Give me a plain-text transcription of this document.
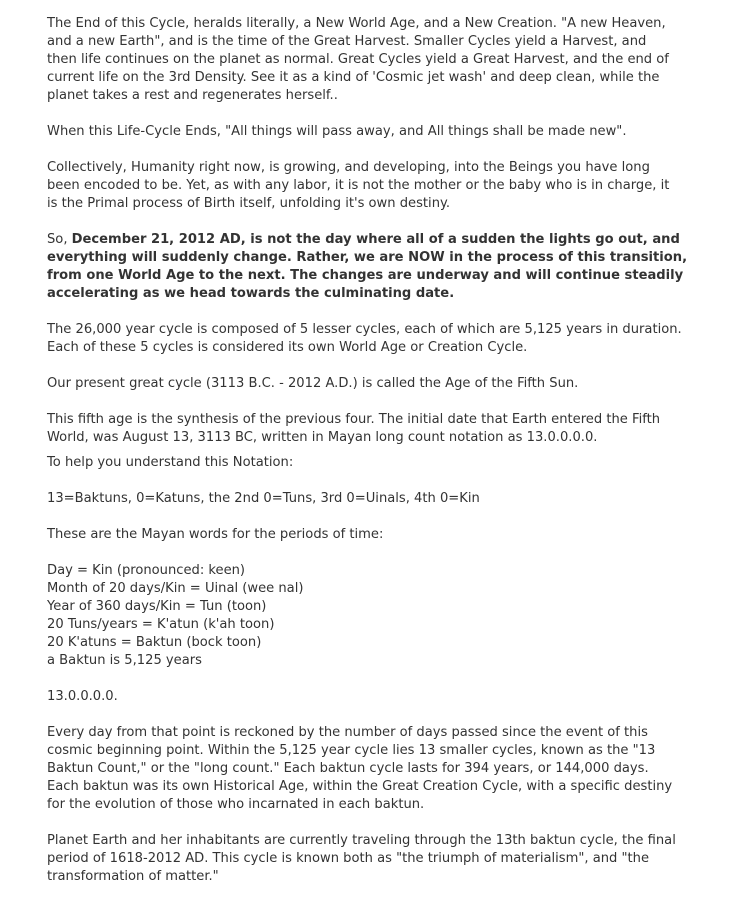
The End of this Cycle, heralds literally, a New World Age, and a New Creation. "A new Heaven,
and a new Earth", and is the time of the Great Harvest. Smaller Cycles yield a Harvest, and
then life continues on the planet as normal. Great Cycles yield a Great Harvest, and the end of
current life on the 3rd Density. See it as a kind of 'Cosmic jet wash' and deep clean, while the
planet takes a rest and regenerates herself..

When this Life-Cycle Ends, "All things will pass away, and All things shall be made new".

Collectively, Humanity right now, is growing, and developing, into the Beings you have long
been encoded to be. Yet, as with any labor, it is not the mother or the baby who is in charge, it
is the Primal process of Birth itself, unfolding it's own destiny.

So, December 21, 2012 AD, is not the day where all of a sudden the lights go out, and
everything will suddenly change. Rather, we are NOW in the process of this transition,
from one World Age to the next. The changes are underway and will continue steadily
accelerating as we head towards the culminating date.

The 26,000 year cycle is composed of 5 lesser cycles, each of which are 5,125 years in duration.
Each of these 5 cycles is considered its own World Age or Creation Cycle.

Our present great cycle (3113 B.C. - 2012 A.D.) is called the Age of the Fifth Sun.

This fifth age is the synthesis of the previous four. The initial date that Earth entered the Fifth
World, was August 13, 3113 BC, written in Mayan long count notation as 13.0.0.0.0.

To help you understand this Notation:

13=Baktuns, 0=Katuns, the 2nd 0=Tuns, 3rd 0=Uinals, 4th 0=Kin

These are the Mayan words for the periods of time:

Day = Kin (pronounced: keen)
Month of 20 days/Kin = Uinal (wee nal)
Year of 360 days/Kin = Tun (toon)
20 Tuns/years = K'atun (k'ah toon)
20 K'atuns = Baktun (bock toon)
a Baktun is 5,125 years

13.0.0.0.0.

Every day from that point is reckoned by the number of days passed since the event of this
cosmic beginning point. Within the 5,125 year cycle lies 13 smaller cycles, known as the "13
Baktun Count," or the "long count." Each baktun cycle lasts for 394 years, or 144,000 days.
Each baktun was its own Historical Age, within the Great Creation Cycle, with a specific destiny
for the evolution of those who incarnated in each baktun.

Planet Earth and her inhabitants are currently traveling through the 13th baktun cycle, the final
period of 1618-2012 AD. This cycle is known both as "the triumph of materialism", and "the
transformation of matter."
